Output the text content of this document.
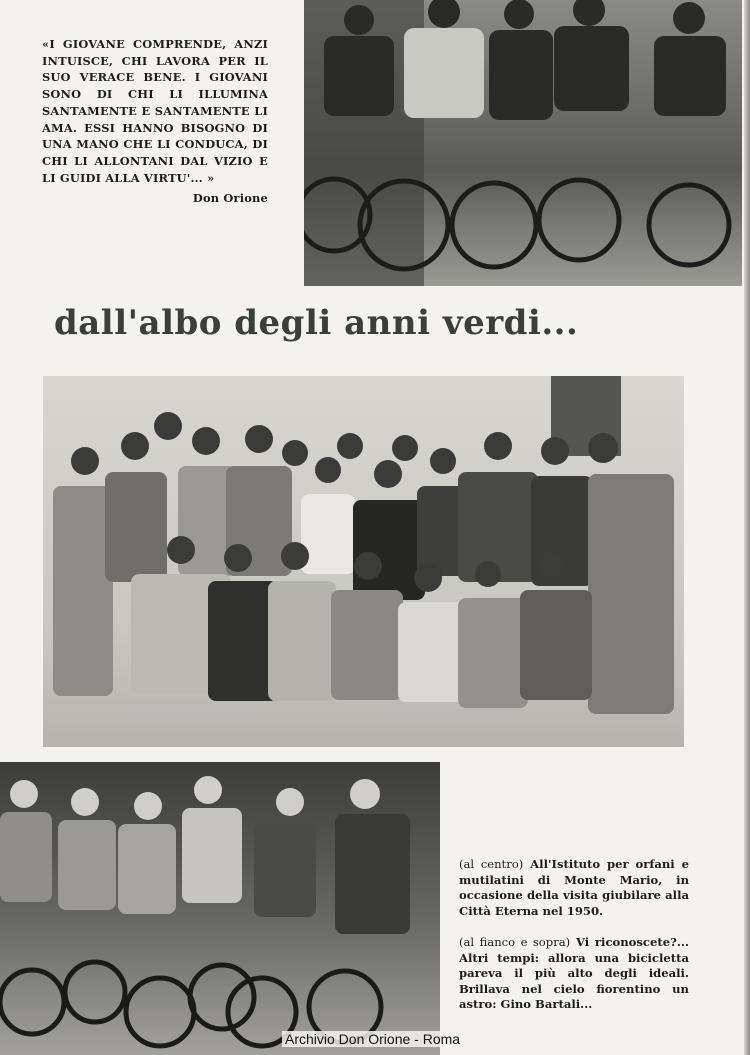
«I GIOVANE COMPRENDE, ANZI INTUISCE, CHI LAVORA PER IL SUO VERACE BENE. I GIOVANI SONO DI CHI LI ILLUMINA SANTAMENTE E SANTAMENTE LI AMA. ESSI HANNO BISOGNO DI UNA MANO CHE LI CONDUCA, DI CHI LI ALLONTANI DAL VIZIO E LI GUIDI ALLA VIRTU'... »
Don Orione
dall'albo degli anni verdi...
(al centro) All'Istituto per orfani e mutilatini di Monte Mario, in occasione della visita giubilare alla Città Eterna nel 1950.
(al fianco e sopra) Vi riconoscete?... Altri tempi: allora una bicicletta pareva il più alto degli ideali. Brillava nel cielo fiorentino un astro: Gino Bartali...
Archivio Don Orione - Roma
